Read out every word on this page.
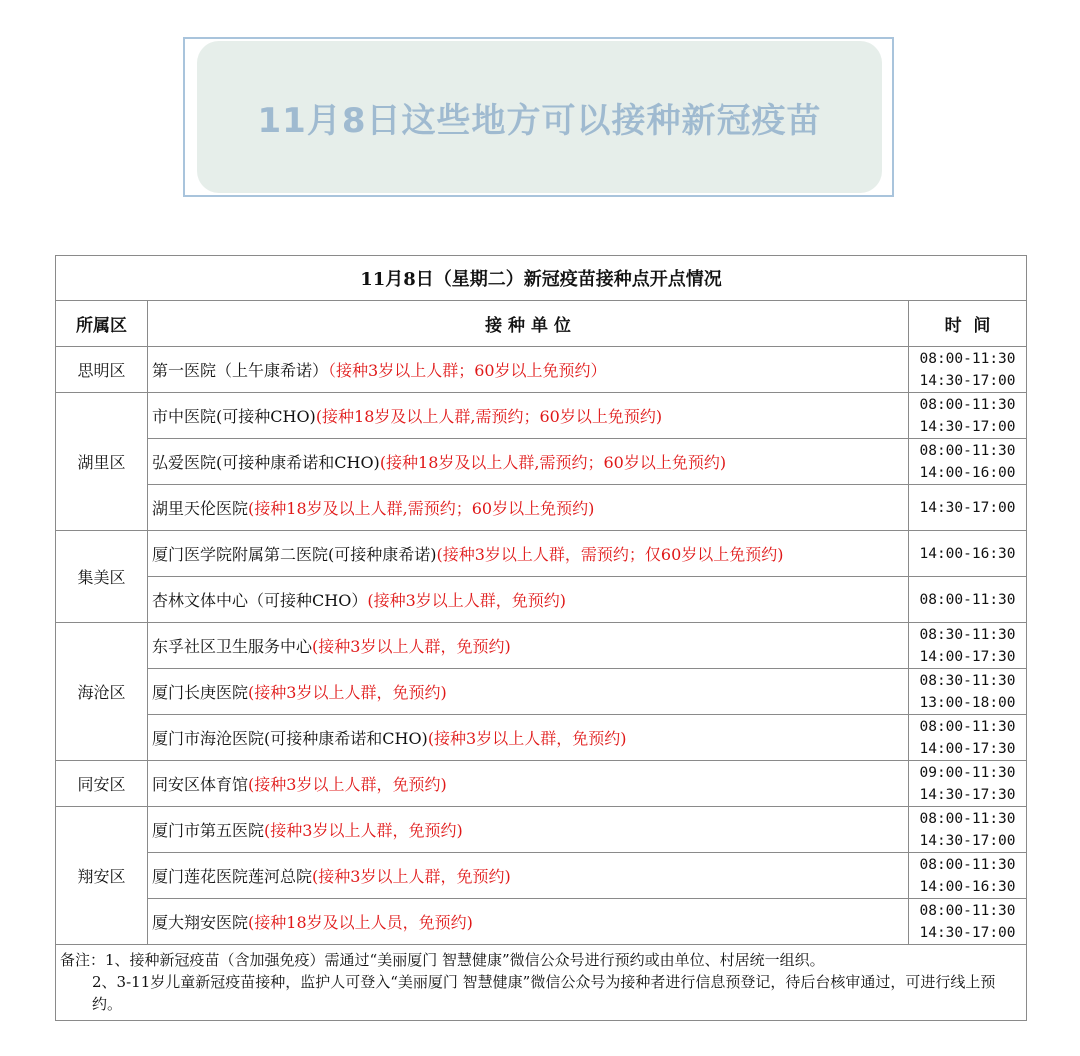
11月8日这些地方可以接种新冠疫苗
11月8日（星期二）新冠疫苗接种点开点情况		
所属区	接 种 单 位	时  间
思明区	第一医院（上午康希诺）（接种3岁以上人群；60岁以上免预约）	08:00-11:30
14:30-17:00

湖里区	市中医院(可接种CHO)(接种18岁及以上人群,需预约；60岁以上免预约)	08:00-11:30
14:30-17:00

	弘爱医院(可接种康希诺和CHO)(接种18岁及以上人群,需预约；60岁以上免预约)	08:00-11:30
14:00-16:00

	湖里天伦医院(接种18岁及以上人群,需预约；60岁以上免预约)	14:30-17:00

集美区	厦门医学院附属第二医院(可接种康希诺)(接种3岁以上人群，需预约；仅60岁以上免预约)	14:00-16:30

	杏林文体中心（可接种CHO）(接种3岁以上人群，免预约)	08:00-11:30

海沧区	东孚社区卫生服务中心(接种3岁以上人群，免预约)	08:30-11:30
14:00-17:30

	厦门长庚医院(接种3岁以上人群，免预约)	08:30-11:30
13:00-18:00

	厦门市海沧医院(可接种康希诺和CHO)(接种3岁以上人群，免预约)	08:00-11:30
14:00-17:30

同安区	同安区体育馆(接种3岁以上人群，免预约)	09:00-11:30
14:30-17:30

翔安区	厦门市第五医院(接种3岁以上人群，免预约)	08:00-11:30
14:30-17:00

	厦门莲花医院莲河总院(接种3岁以上人群，免预约)	08:00-11:30
14:00-16:30

	厦大翔安医院(接种18岁及以上人员，免预约)	08:00-11:30
14:30-17:00

备注：1、接种新冠疫苗（含加强免疫）需通过“美丽厦门 智慧健康”微信公众号进行预约或由单位、村居统一组织。
2、3-11岁儿童新冠疫苗接种，监护人可登入“美丽厦门 智慧健康”微信公众号为接种者进行信息预登记，待后台核审通过，可进行线上预约。		
